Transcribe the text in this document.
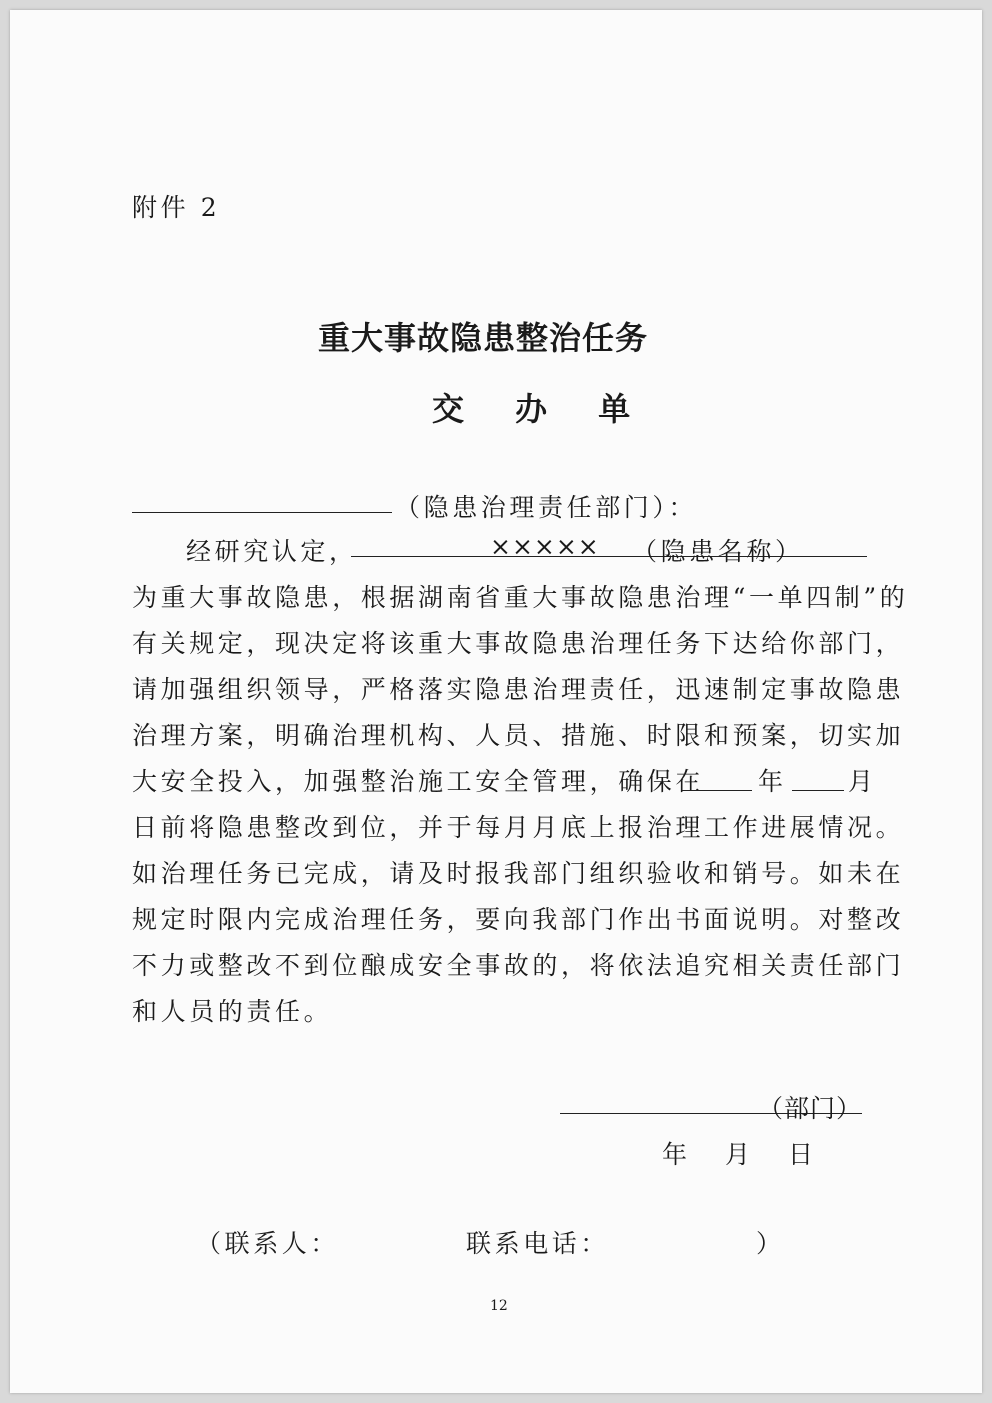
附件 2
重大事故隐患整治任务
交 办 单
（隐患治理责任部门）：
经研究认定，	××××× （隐患名称）
为重大事故隐患，根据湖南省重大事故隐患治理“一单四制”的
有关规定，现决定将该重大事故隐患治理任务下达给你部门，
请加强组织领导，严格落实隐患治理责任，迅速制定事故隐患
治理方案，明确治理机构、人员、措施、时限和预案，切实加
大安全投入，加强整治施工安全管理，确保在 年 月
日前将隐患整改到位，并于每月月底上报治理工作进展情况。
如治理任务已完成，请及时报我部门组织验收和销号。如未在
规定时限内完成治理任务，要向我部门作出书面说明。对整改
不力或整改不到位酿成安全事故的，将依法追究相关责任部门
和人员的责任。
（部门）
年 月 日
（联系人：	联系电话：	）
12
